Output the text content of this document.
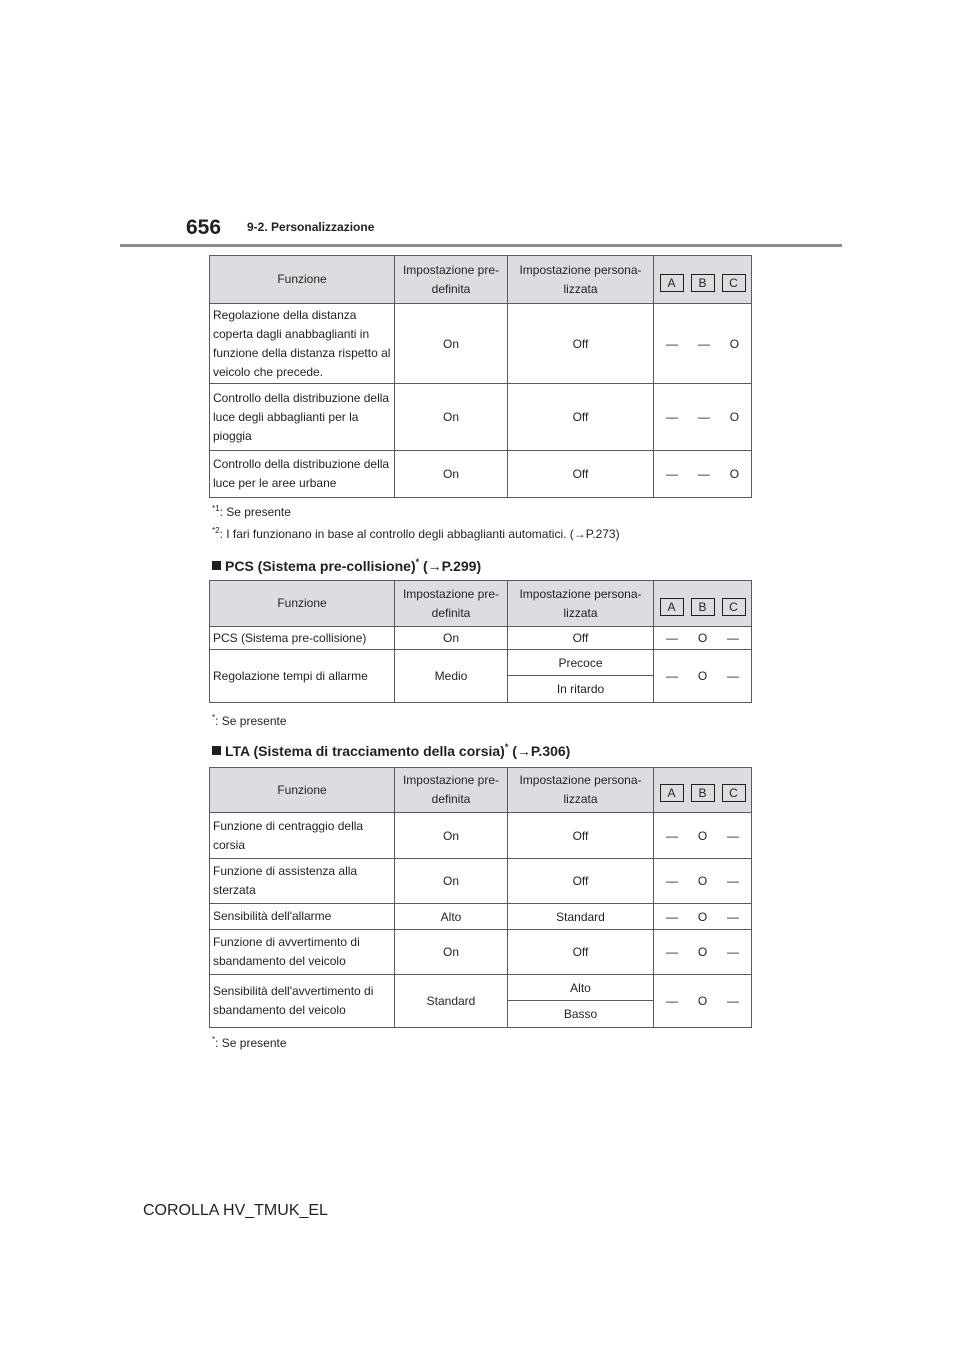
656 9-2. Personalizzazione
Funzione	Impostazione pre-definita	Impostazione persona-lizzata	A B C

Regolazione della distanza coperta dagli anabbaglianti in funzione della distanza rispetto al veicolo che precede.	On	Off	— — O

Controllo della distribuzione della luce degli abbaglianti per la pioggia	On	Off	— — O

Controllo della distribuzione della luce per le aree urbane	On	Off	— — O
$^{*1}$: Se presente
$^{*2}$: I fari funzionano in base al controllo degli abbaglianti automatici. (→P.273)
PCS (Sistema pre-collisione)* (→P.299)
Funzione	Impostazione pre-definita	Impostazione persona-lizzata	A B C

PCS (Sistema pre-collisione)	On	Off	— O —

Regolazione tempi di allarme	Medio	Precoce	— O —

		In ritardo	
*: Se presente
LTA (Sistema di tracciamento della corsia)* (→P.306)
Funzione	Impostazione pre-definita	Impostazione persona-lizzata	A B C

Funzione di centraggio della corsia	On	Off	— O —

Funzione di assistenza alla sterzata	On	Off	— O —

Sensibilità dell'allarme	Alto	Standard	— O —

Funzione di avvertimento di sbandamento del veicolo	On	Off	— O —

Sensibilità dell'avvertimento di sbandamento del veicolo	Standard	Alto	— O —

		Basso	
*: Se presente
COROLLA HV_TMUK_EL
